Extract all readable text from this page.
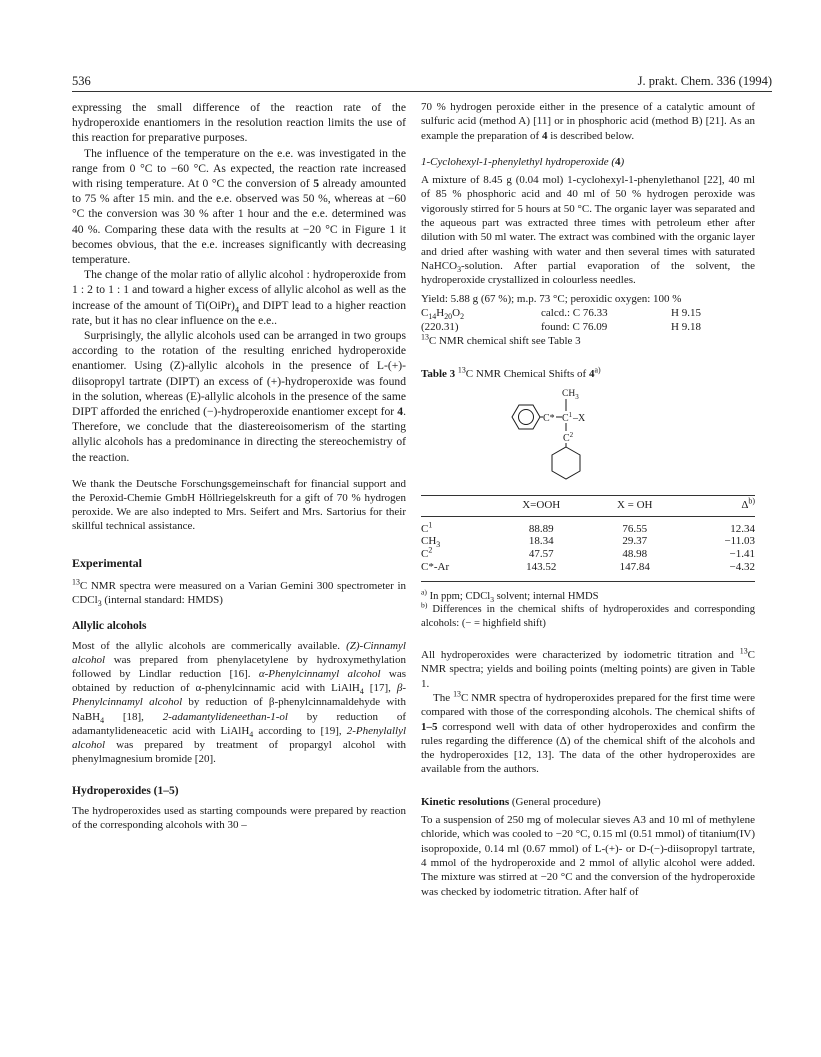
536	J. prakt. Chem. 336 (1994)

expressing the small difference of the reaction rate of the hydroperoxide enantiomers in the resolution reaction limits the use of this reaction for preparative purposes.

The influence of the temperature on the e.e. was investigated in the range from 0 °C to −60 °C. As expected, the reaction rate increased with rising temperature. At 0 °C the conversion of 5 already amounted to 75 % after 15 min. and the e.e. observed was 50 %, whereas at −60 °C the conversion was 30 % after 1 hour and the e.e. determined was 40 %. Comparing these data with the results at −20 °C in Figure 1 it becomes obvious, that the e.e. increases significantly with decreasing temperature.

The change of the molar ratio of allylic alcohol : hydroperoxide from 1 : 2 to 1 : 1 and toward a higher excess of allylic alcohol as well as the increase of the amount of $Ti(OiPr)_4$ and DIPT lead to a higher reaction rate, but it has no clear influence on the e.e..

Surprisingly, the allylic alcohols used can be arranged in two groups according to the rotation of the resulting enriched hydroperoxide enantiomer. Using (Z)-allylic alcohols in the presence of L-(+)-diisopropyl tartrate (DIPT) an excess of (+)-hydroperoxide was found in the solution, whereas (E)-allylic alcohols in the presence of the same DIPT afforded the enriched (−)-hydroperoxide enantiomer except for 4. Therefore, we conclude that the diastereoisomerism of the starting allylic alcohols has a predominance in directing the stereochemistry of the reaction.

We thank the Deutsche Forschungsgemeinschaft for financial support and the Peroxid-Chemie GmbH Höllriegelskreuth for a gift of 70 % hydrogen peroxide. We are also indepted to Mrs. Seifert and Mrs. Sartorius for their skillful technical assistance.

Experimental

$^{13}$C NMR spectra were measured on a Varian Gemini 300 spectrometer in CDCl$_3$ (internal standard: HMDS)

Allylic alcohols

Most of the allylic alcohols are commerically available. (Z)-Cinnamyl alcohol was prepared from phenylacetylene by hydroxymethylation followed by Lindlar reduction [16]. α-Phenylcinnamyl alcohol was obtained by reduction of α-phenylcinnamic acid with LiAlH$_4$ [17], β-Phenylcinnamyl alcohol by reduction of β-phenylcinnamaldehyde with NaBH$_4$ [18], 2-adamantylideneethan-1-ol by reduction of adamantylideneacetic acid with LiAlH$_4$ according to [19], 2-Phenylallyl alcohol was prepared by treatment of propargyl alcohol with phenylmagnesium bromide [20].

Hydroperoxides (1–5)

The hydroperoxides used as starting compounds were prepared by reaction of the corresponding alcohols with 30 –

70 % hydrogen peroxide either in the presence of a catalytic amount of sulfuric acid (method A) [11] or in phosphoric acid (method B) [21]. As an example the preparation of 4 is described below.

1-Cyclohexyl-1-phenylethyl hydroperoxide (4)

A mixture of 8.45 g (0.04 mol) 1-cyclohexyl-1-phenylethanol [22], 40 ml of 85 % phosphoric acid and 40 ml of 50 % hydrogen peroxide was vigorously stirred for 5 hours at 50 °C. The organic layer was separated and the aqueous part was extracted three times with petroleum ether after dilution with 50 ml water. The extract was combined with the organic layer and dried after washing with water and then several times with saturated NaHCO$_3$-solution. After partial evaporation of the solvent, the hydroperoxide crystallized in colourless needles.

Yield: 5.88 g (67 %); m.p. 73 °C; peroxidic oxygen: 100 %

$C_{14}H_{20}O_2$	calcd.: C 76.33	H 9.15
(220.31)	found: C 76.09	H 9.18

$^{13}$C NMR chemical shift see Table 3

Table 3 $^{13}$C NMR Chemical Shifts of 4$^{a)}$

C* $C^1$ –X
$CH_3$
$C^2$
	X=OOH	X = OH	$\Delta^{b)}$
$C^1$	88.89	76.55	12.34
$CH_3$	18.34	29.37	−11.03
$C^2$	47.57	48.98	−1.41
C*-Ar	143.52	147.84	−4.32

$^{a)}$ In ppm; CDCl$_3$ solvent; internal HMDS

$^{b)}$ Differences in the chemical shifts of hydroperoxides and corresponding alcohols: (− = highfield shift)

All hydroperoxides were characterized by iodometric titration and $^{13}$C NMR spectra; yields and boiling points (melting points) are given in Table 1.

The $^{13}$C NMR spectra of hydroperoxides prepared for the first time were compared with those of the corresponding alcohols. The chemical shifts of 1–5 correspond well with data of other hydroperoxides and confirm the rules regarding the difference (Δ) of the chemical shift of the alcohols and the hydroperoxides [12, 13]. The data of the other hydroperoxides are available from the authors.

Kinetic resolutions (General procedure)

To a suspension of 250 mg of molecular sieves A3 and 10 ml of methylene chloride, which was cooled to −20 °C, 0.15 ml (0.51 mmol) of titanium(IV) isopropoxide, 0.14 ml (0.67 mmol) of L-(+)- or D-(−)-diisopropyl tartrate, 4 mmol of the hydroperoxide and 2 mmol of allylic alcohol were added. The mixture was stirred at −20 °C and the conversion of the hydroperoxide was checked by iodometric titration. After half of
